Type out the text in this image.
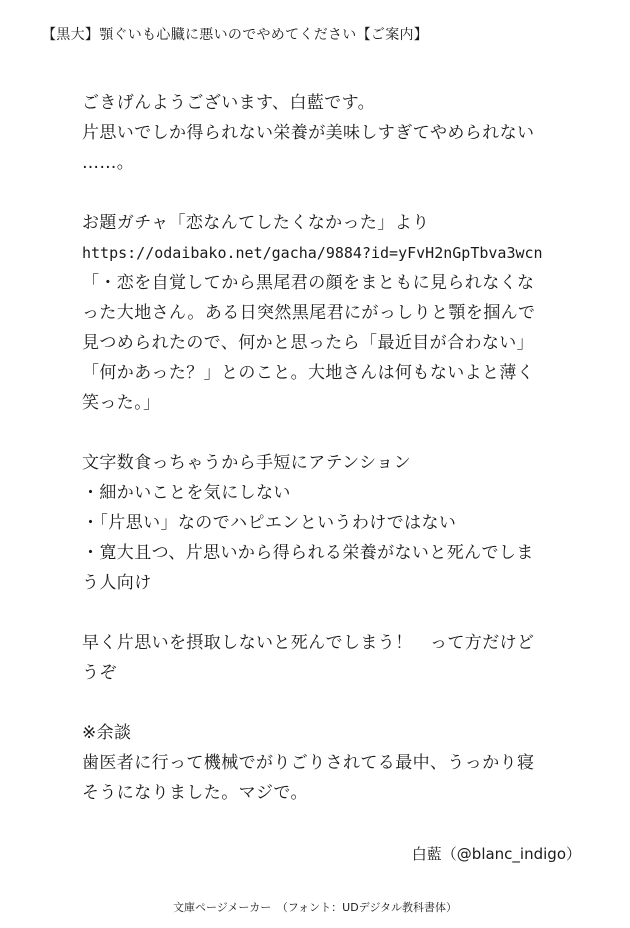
【黒大】顎ぐいも心臓に悪いのでやめてください【ご案内】
ごきげんようございます、白藍です。
片思いでしか得られない栄養が美味しすぎてやめられない
……。
お題ガチャ「恋なんてしたくなかった」より
https://odaibako.net/gacha/9884?id=yFvH2nGpTbva3wcn
「・恋を自覚してから黒尾君の顔をまともに見られなくな
った大地さん。ある日突然黒尾君にがっしりと顎を掴んで
見つめられたので、何かと思ったら「最近目が合わない」
「何かあった？」とのこと。大地さんは何もないよと薄く
笑った。」
文字数食っちゃうから手短にアテンション
・細かいことを気にしない
・「片思い」なのでハピエンというわけではない
・寛大且つ、片思いから得られる栄養がないと死んでしま
う人向け
早く片思いを摂取しないと死んでしまう！　って方だけど
うぞ
※余談
歯医者に行って機械でがりごりされてる最中、うっかり寝
そうになりました。マジで。
白藍（@blanc_indigo）
文庫ページメーカー　（フォント：UDデジタル教科書体）
